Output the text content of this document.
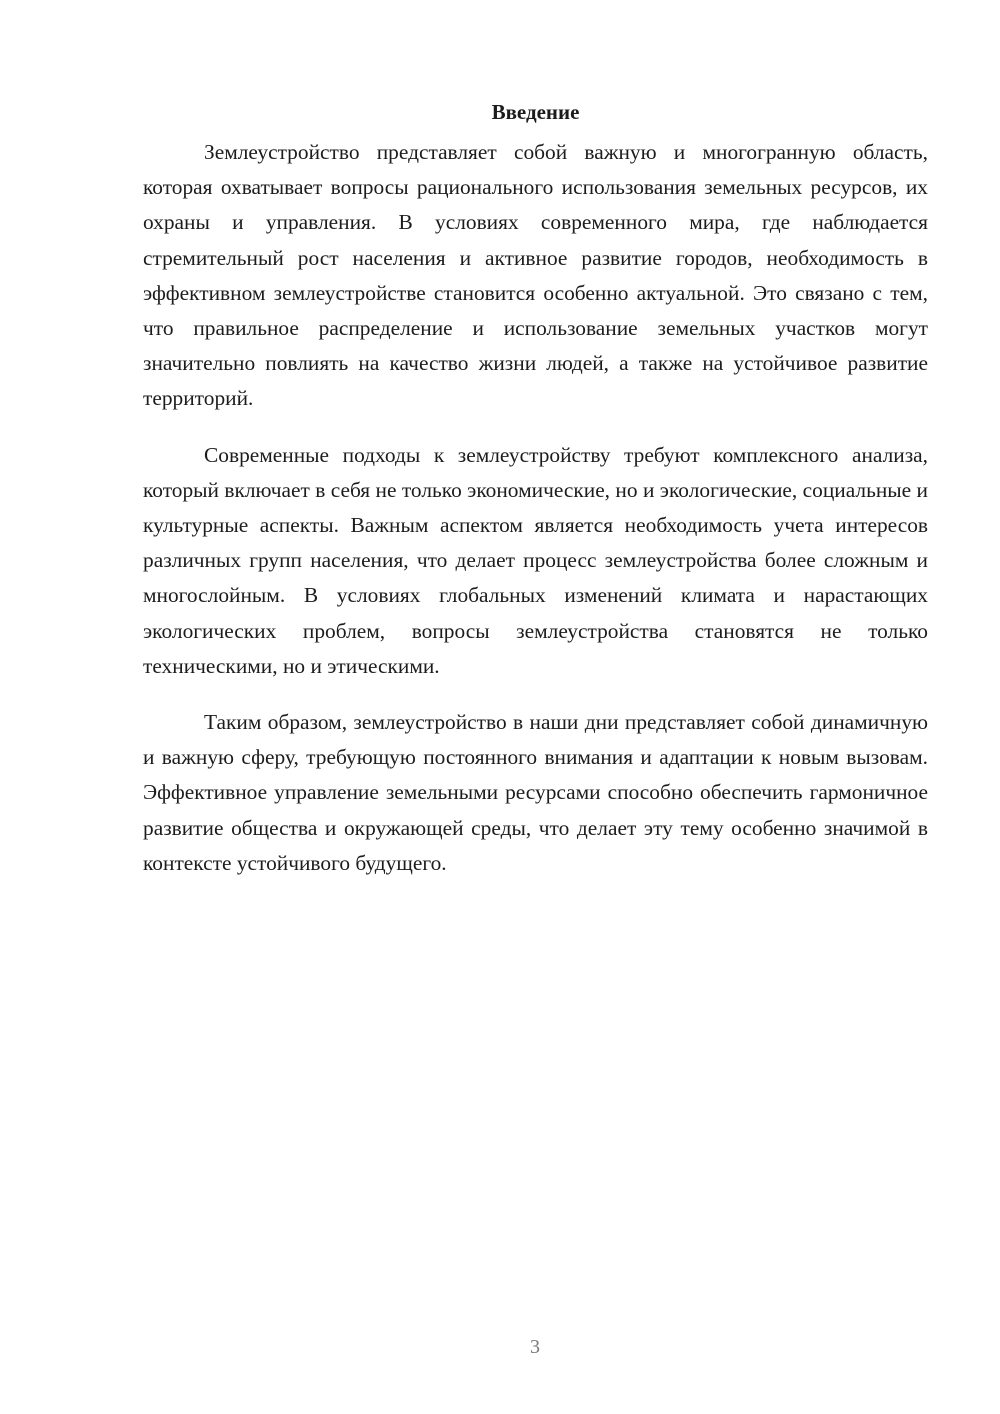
Введение

Землеустройство представляет собой важную и многогранную область, которая охватывает вопросы рационального использования земельных ресурсов, их охраны и управления. В условиях современного мира, где наблюдается стремительный рост населения и активное развитие городов, необходимость в эффективном землеустройстве становится особенно актуальной. Это связано с тем, что правильное распределение и использование земельных участков могут значительно повлиять на качество жизни людей, а также на устойчивое развитие территорий.

Современные подходы к землеустройству требуют комплексного анализа, который включает в себя не только экономические, но и экологические, социальные и культурные аспекты. Важным аспектом является необходимость учета интересов различных групп населения, что делает процесс землеустройства более сложным и многослойным. В условиях глобальных изменений климата и нарастающих экологических проблем, вопросы землеустройства становятся не только техническими, но и этическими.

Таким образом, землеустройство в наши дни представляет собой динамичную и важную сферу, требующую постоянного внимания и адаптации к новым вызовам. Эффективное управление земельными ресурсами способно обеспечить гармоничное развитие общества и окружающей среды, что делает эту тему особенно значимой в контексте устойчивого будущего.

3
